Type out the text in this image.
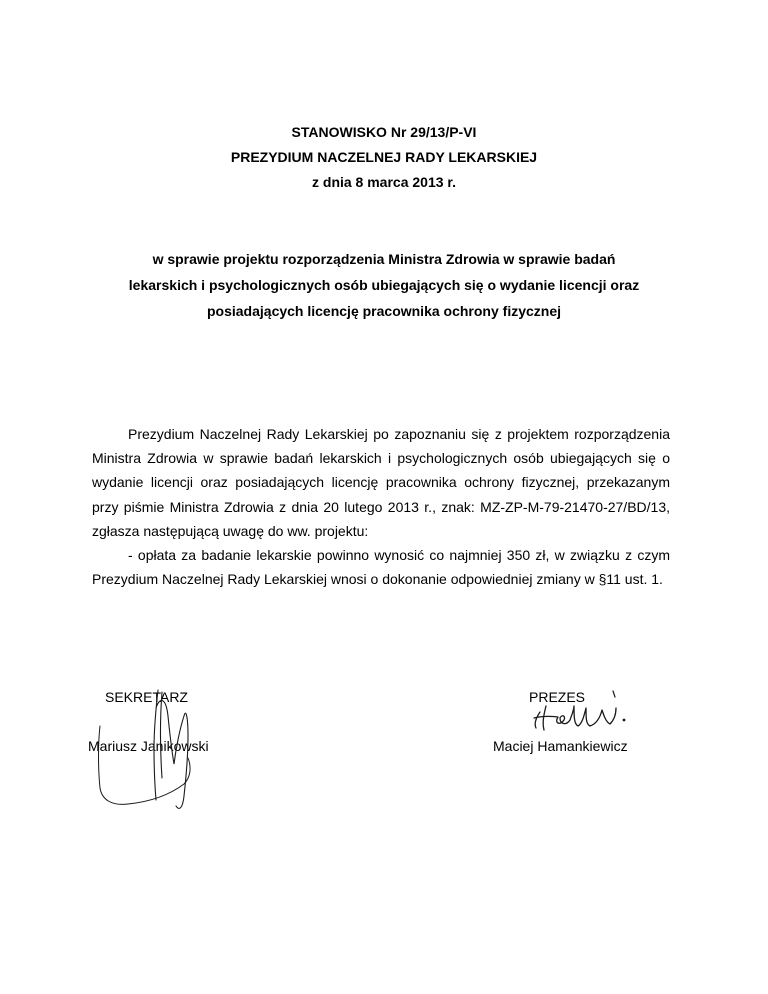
STANOWISKO Nr 29/13/P-VI
PREZYDIUM NACZELNEJ RADY LEKARSKIEJ
z dnia 8 marca 2013 r.
w sprawie projektu rozporządzenia Ministra Zdrowia w sprawie badań
lekarskich i psychologicznych osób ubiegających się o wydanie licencji oraz
posiadających licencję pracownika ochrony fizycznej

Prezydium Naczelnej Rady Lekarskiej po zapoznaniu się z projektem rozporządzenia Ministra Zdrowia w sprawie badań lekarskich i psychologicznych osób ubiegających się o wydanie licencji oraz posiadających licencję pracownika ochrony fizycznej, przekazanym przy piśmie Ministra Zdrowia z dnia 20 lutego 2013 r., znak: MZ-ZP-M-79-21470-27/BD/13, zgłasza następującą uwagę do ww. projektu:

- opłata za badanie lekarskie powinno wynosić co najmniej 350 zł, w związku z czym Prezydium Naczelnej Rady Lekarskiej wnosi o dokonanie odpowiedniej zmiany w §11 ust. 1.

SEKRETARZ
Mariusz Janikowski
PREZES
Maciej Hamankiewicz
